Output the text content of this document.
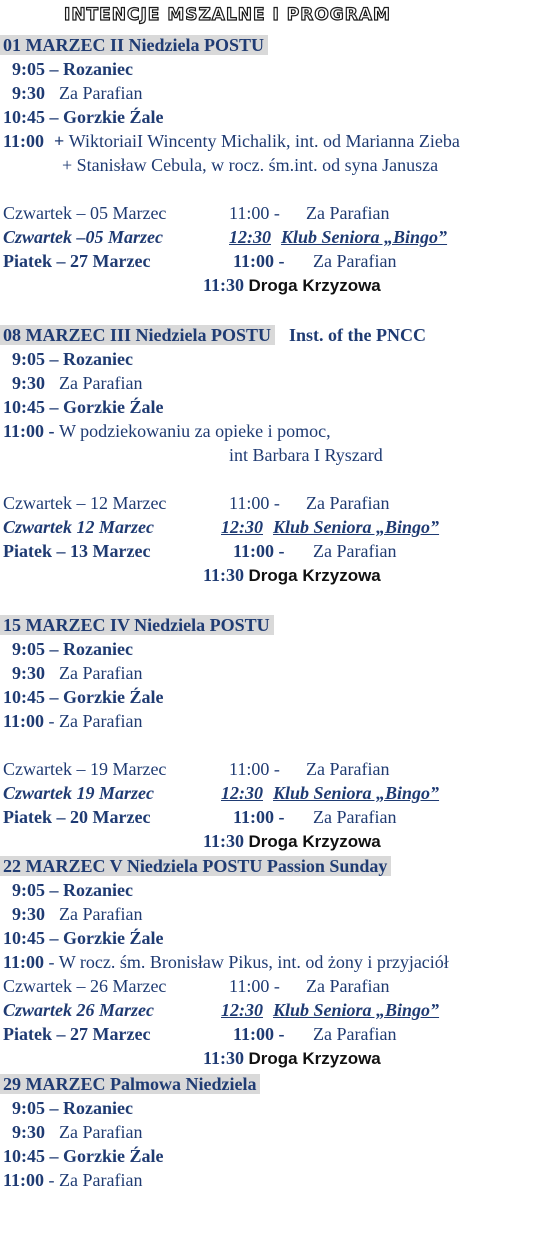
INTENCJE MSZALNE I PROGRAM
01 MARZEC II Niedziela POSTU
9:05 – Rozaniec
9:30 Za Parafian
10:45 – Gorzkie Źale
11:00 + WiktoriaiI Wincenty Michalik, int. od Marianna Zieba
+ Stanisław Cebula, w rocz. śm.int. od syna Janusza
Czwartek – 05 Marzec	11:00 - Za Parafian
Czwartek –05 Marzec	12:30 Klub Seniora „Bingo”
Piatek – 27 Marzec	11:00 - Za Parafian
11:30 Droga Krzyzowa
08 MARZEC III Niedziela POSTU Inst. of the PNCC
9:05 – Rozaniec
9:30 Za Parafian
10:45 – Gorzkie Źale
11:00 - W podziekowaniu za opieke i pomoc,
int Barbara I Ryszard
Czwartek – 12 Marzec	11:00 - Za Parafian
Czwartek 12 Marzec	12:30 Klub Seniora „Bingo”
Piatek – 13 Marzec	11:00 - Za Parafian
11:30 Droga Krzyzowa
15 MARZEC IV Niedziela POSTU
9:05 – Rozaniec
9:30 Za Parafian
10:45 – Gorzkie Źale
11:00 - Za Parafian
Czwartek – 19 Marzec	11:00 - Za Parafian
Czwartek 19 Marzec	12:30 Klub Seniora „Bingo”
Piatek – 20 Marzec	11:00 - Za Parafian
11:30 Droga Krzyzowa
22 MARZEC V Niedziela POSTU Passion Sunday
9:05 – Rozaniec
9:30 Za Parafian
10:45 – Gorzkie Źale
11:00 - W rocz. śm. Bronisław Pikus, int. od żony i przyjaciół
Czwartek – 26 Marzec	11:00 - Za Parafian
Czwartek 26 Marzec	12:30 Klub Seniora „Bingo”
Piatek – 27 Marzec	11:00 - Za Parafian
11:30 Droga Krzyzowa
29 MARZEC Palmowa Niedziela
9:05 – Rozaniec
9:30 Za Parafian
10:45 – Gorzkie Źale
11:00 - Za Parafian
